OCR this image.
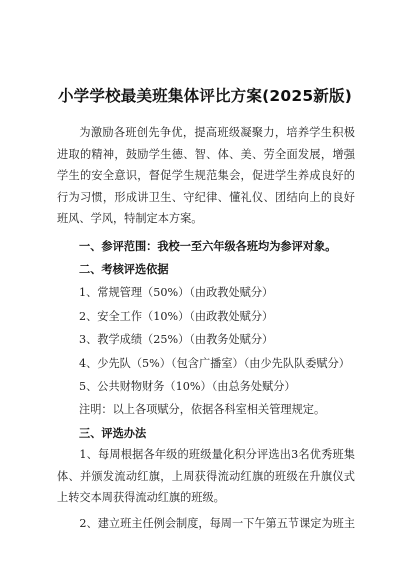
小学学校最美班集体评比方案(2025新版)

为激励各班创先争优，提高班级凝聚力，培养学生积极进取的精神，鼓励学生德、智、体、美、劳全面发展，增强学生的安全意识，督促学生规范集会，促进学生养成良好的行为习惯，形成讲卫生、守纪律、懂礼仪、团结向上的良好班风、学风，特制定本方案。

一、参评范围：我校一至六年级各班均为参评对象。
二、考核评选依据
1、常规管理（50%）（由政教处赋分）
2、安全工作（10%）（由政教处赋分）
3、教学成绩（25%）（由教务处赋分）
4、少先队（5%）（包含广播室）（由少先队队委赋分）
5、公共财物财务（10%）（由总务处赋分）
注明：以上各项赋分，依据各科室相关管理规定。
三、评选办法

1、每周根据各年级的班级量化积分评选出3名优秀班集体、并颁发流动红旗，上周获得流动红旗的班级在升旗仪式上转交本周获得流动红旗的班级。

2、建立班主任例会制度，每周一下午第五节课定为班主
